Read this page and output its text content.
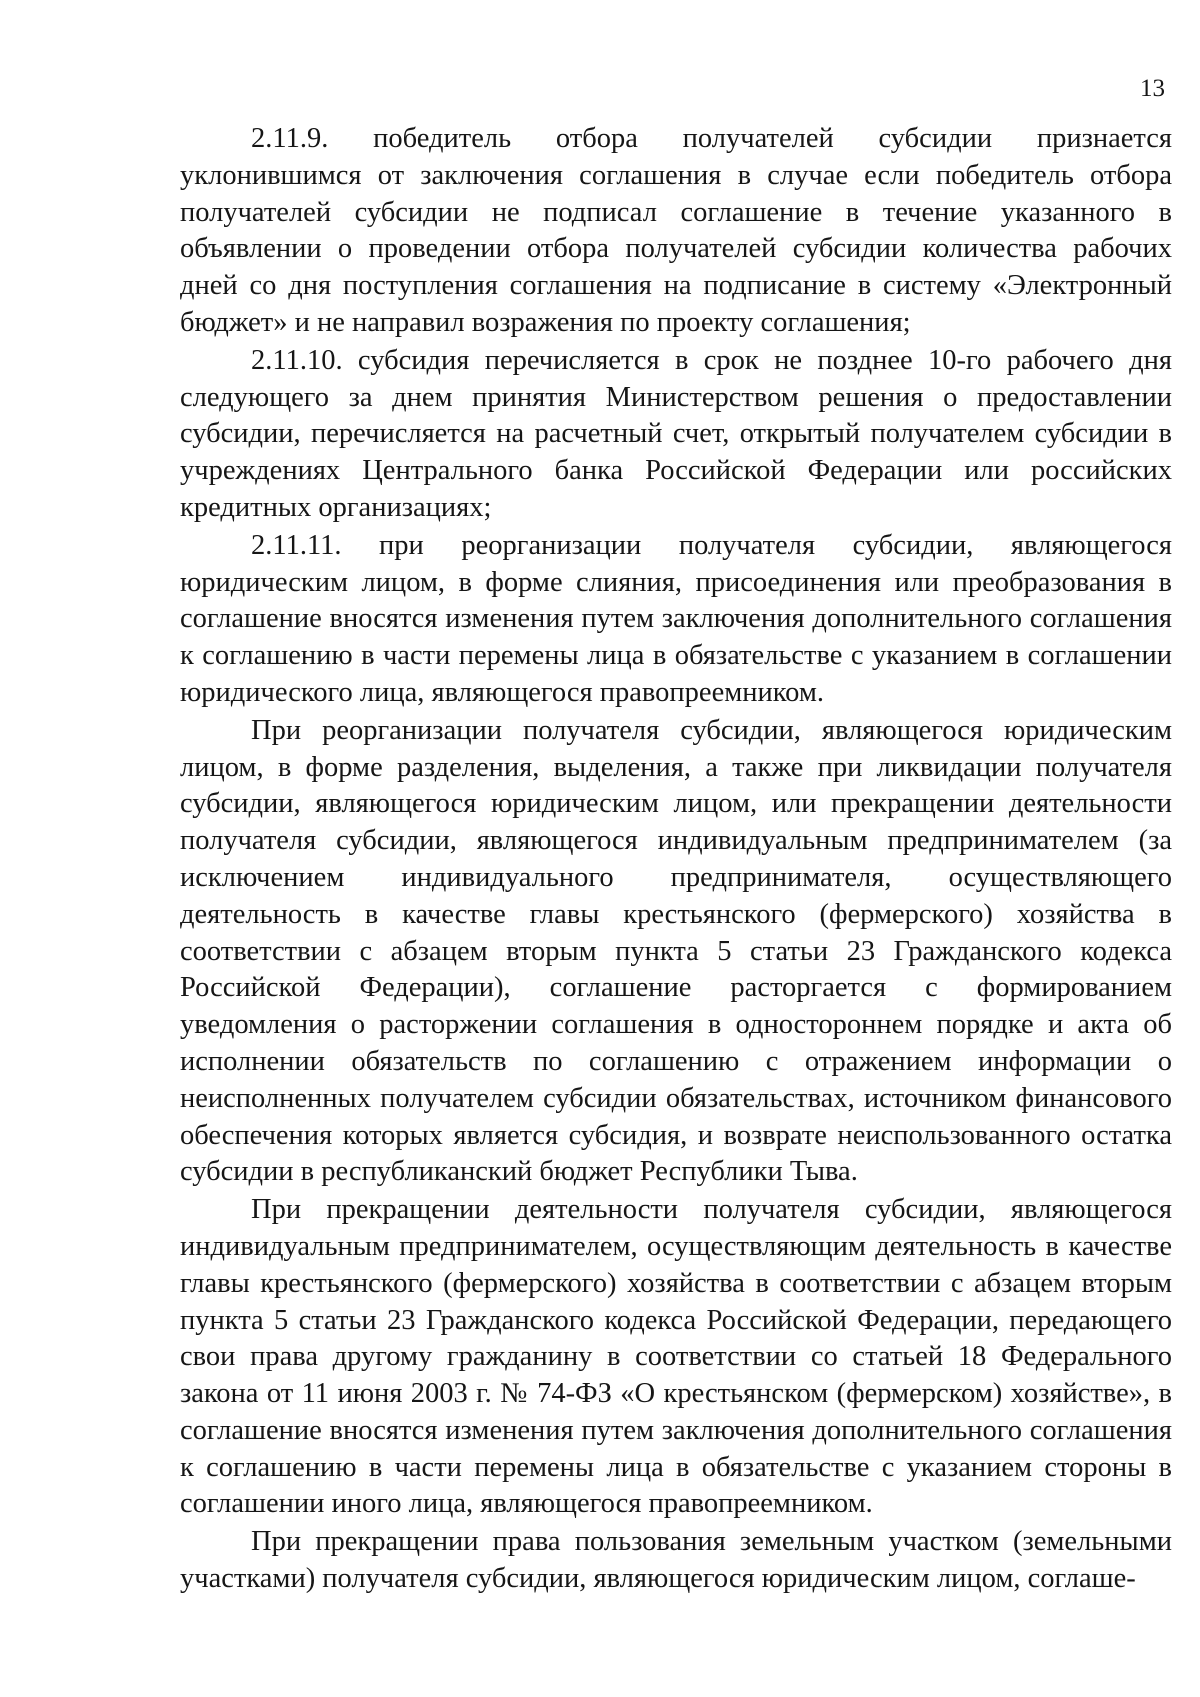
13

2.11.9. победитель отбора получателей субсидии признается уклонившимся от заключения соглашения в случае если победитель отбора получателей субсидии не подписал соглашение в течение указанного в объявлении о проведении отбора получателей субсидии количества рабочих дней со дня поступления соглашения на подписание в систему «Электронный бюджет» и не направил возражения по проекту соглашения;

2.11.10. субсидия перечисляется в срок не позднее 10-го рабочего дня следующего за днем принятия Министерством решения о предоставлении субсидии, перечисляется на расчетный счет, открытый получателем субсидии в учреждениях Центрального банка Российской Федерации или российских кредитных организациях;

2.11.11. при реорганизации получателя субсидии, являющегося юридическим лицом, в форме слияния, присоединения или преобразования в соглашение вносятся изменения путем заключения дополнительного соглашения к соглашению в части перемены лица в обязательстве с указанием в соглашении юридического лица, являющегося правопреемником.

При реорганизации получателя субсидии, являющегося юридическим лицом, в форме разделения, выделения, а также при ликвидации получателя субсидии, являющегося юридическим лицом, или прекращении деятельности получателя субсидии, являющегося индивидуальным предпринимателем (за исключением индивидуального предпринимателя, осуществляющего деятельность в качестве главы крестьянского (фермерского) хозяйства в соответствии с абзацем вторым пункта 5 статьи 23 Гражданского кодекса Российской Федерации), соглашение расторгается с формированием уведомления о расторжении соглашения в одностороннем порядке и акта об исполнении обязательств по соглашению с отражением информации о неисполненных получателем субсидии обязательствах, источником финансового обеспечения которых является субсидия, и возврате неиспользованного остатка субсидии в республиканский бюджет Республики Тыва.

При прекращении деятельности получателя субсидии, являющегося индивидуальным предпринимателем, осуществляющим деятельность в качестве главы крестьянского (фермерского) хозяйства в соответствии с абзацем вторым пункта 5 статьи 23 Гражданского кодекса Российской Федерации, передающего свои права другому гражданину в соответствии со статьей 18 Федерального закона от 11 июня 2003 г. № 74-ФЗ «О крестьянском (фермерском) хозяйстве», в соглашение вносятся изменения путем заключения дополнительного соглашения к соглашению в части перемены лица в обязательстве с указанием стороны в соглашении иного лица, являющегося правопреемником.

При прекращении права пользования земельным участком (земельными участками) получателя субсидии, являющегося юридическим лицом, соглаше-
